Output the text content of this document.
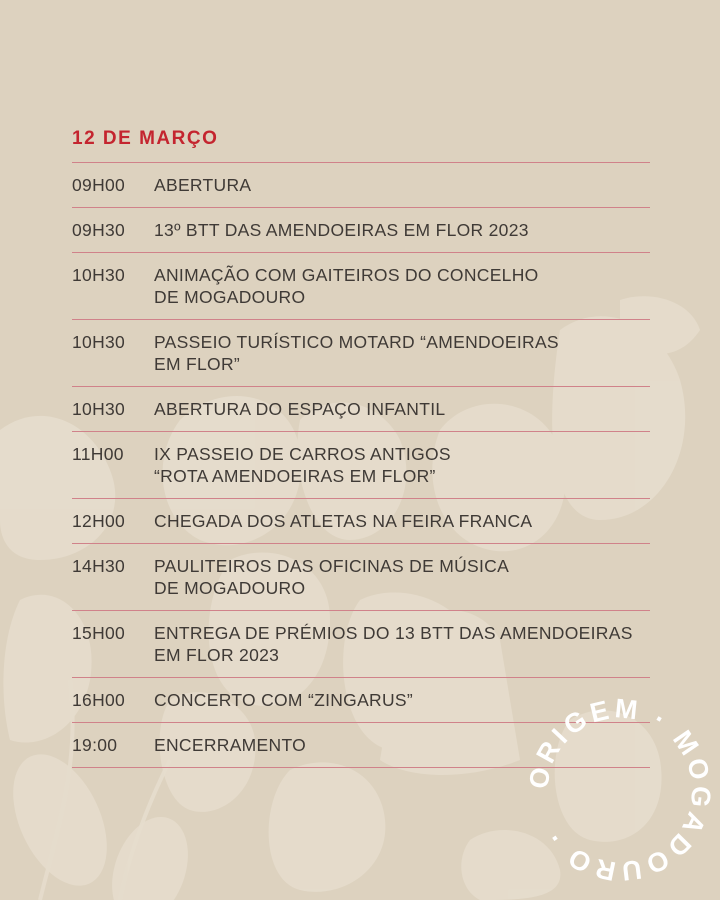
12 DE MARÇO
09H00	ABERTURA
09H30	13º BTT DAS AMENDOEIRAS EM FLOR 2023
10H30	ANIMAÇÃO COM GAITEIROS DO CONCELHO
DE MOGADOURO
10H30	PASSEIO TURÍSTICO MOTARD “AMENDOEIRAS
EM FLOR”
10H30	ABERTURA DO ESPAÇO INFANTIL
11H00	IX PASSEIO DE CARROS ANTIGOS
“ROTA AMENDOEIRAS EM FLOR”
12H00	CHEGADA DOS ATLETAS NA FEIRA FRANCA
14H30	PAULITEIROS DAS OFICINAS DE MÚSICA
DE MOGADOURO
15H00	ENTREGA DE PRÉMIOS DO 13 BTT DAS AMENDOEIRAS
EM FLOR 2023
16H00	CONCERTO COM “ZINGARUS”
19:00	ENCERRAMENTO
ORIGEM · MOGADOURO ·
